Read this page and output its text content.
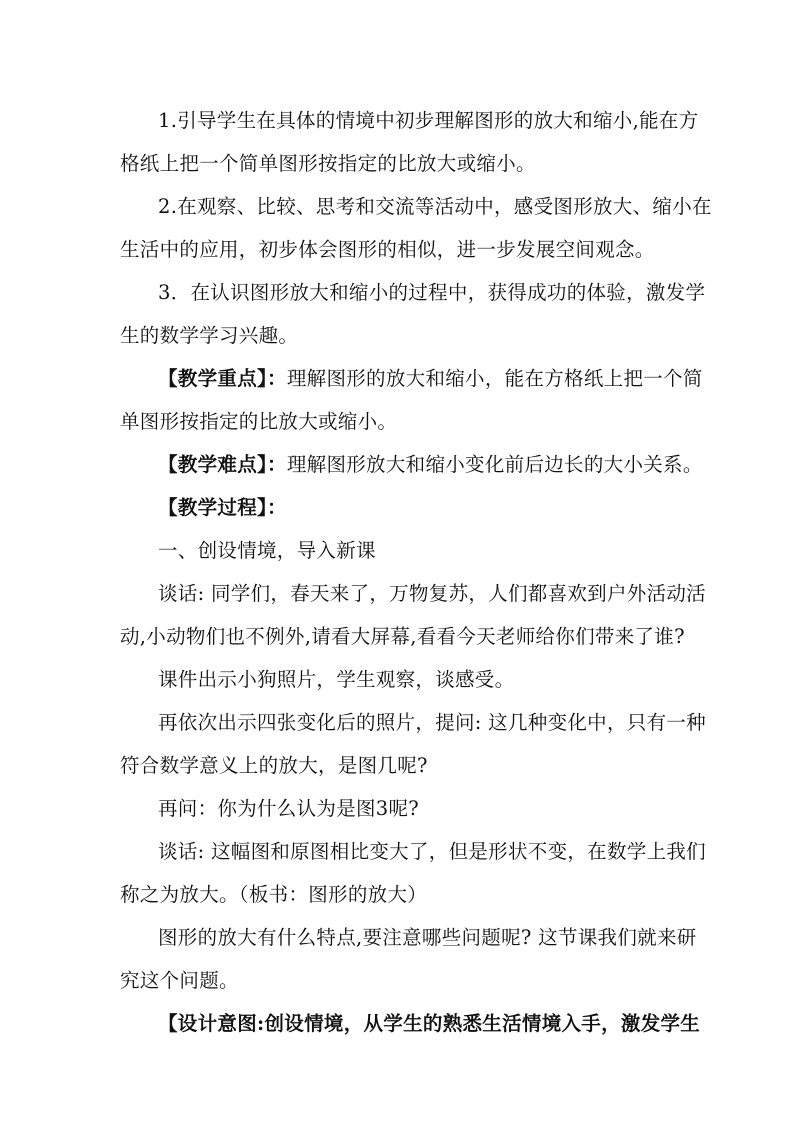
1.引导学生在具体的情境中初步理解图形的放大和缩小,能在方
格纸上把一个简单图形按指定的比放大或缩小。
2.在观察、比较、思考和交流等活动中，感受图形放大、缩小在
生活中的应用，初步体会图形的相似，进一步发展空间观念。
3．在认识图形放大和缩小的过程中，获得成功的体验，激发学
生的数学学习兴趣。
【教学重点】：理解图形的放大和缩小，能在方格纸上把一个简
单图形按指定的比放大或缩小。
【教学难点】：理解图形放大和缩小变化前后边长的大小关系。
【教学过程】：
一、创设情境，导入新课
谈话: 同学们，春天来了，万物复苏，人们都喜欢到户外活动活
动,小动物们也不例外,请看大屏幕,看看今天老师给你们带来了谁?
课件出示小狗照片，学生观察，谈感受。
再依次出示四张变化后的照片，提问: 这几种变化中，只有一种
符合数学意义上的放大，是图几呢?
再问：你为什么认为是图3呢?
谈话: 这幅图和原图相比变大了，但是形状不变，在数学上我们
称之为放大。（板书：图形的放大）
图形的放大有什么特点,要注意哪些问题呢? 这节课我们就来研
究这个问题。
【设计意图:创设情境，从学生的熟悉生活情境入手，激发学生
